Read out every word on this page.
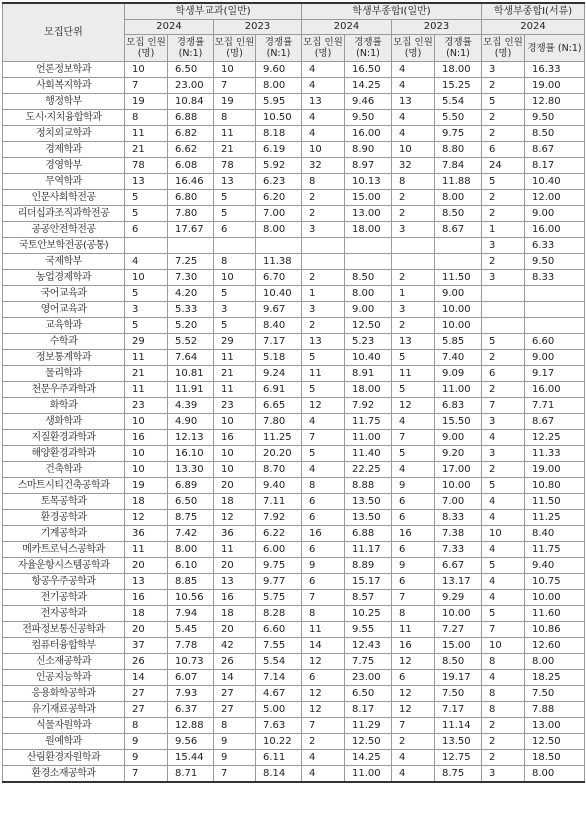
모집단위	학생부교과(일반)				학생부종합Ⅰ(일반)				학생부종합Ⅰ(서류)	
	2024		2023		2024		2023		2024	
	모집 인원(명)	경쟁률 (N:1)	모집 인원(명)	경쟁률 (N:1)	모집 인원(명)	경쟁률 (N:1)	모집 인원(명)	경쟁률 (N:1)	모집 인원(명)	경쟁률 (N:1)
언론정보학과	10	6.50	10	9.60	4	16.50	4	18.00	3	16.33
사회복지학과	7	23.00	7	8.00	4	14.25	4	15.25	2	19.00
행정학부	19	10.84	19	5.95	13	9.46	13	5.54	5	12.80
도시·지치융합학과	8	6.88	8	10.50	4	9.50	4	5.50	2	9.50
정치외교학과	11	6.82	11	8.18	4	16.00	4	9.75	2	8.50
경제학과	21	6.62	21	6.19	10	8.90	10	8.80	6	8.67
경영학부	78	6.08	78	5.92	32	8.97	32	7.84	24	8.17
무역학과	13	16.46	13	6.23	8	10.13	8	11.88	5	10.40
인문사회학전공	5	6.80	5	6.20	2	15.00	2	8.00	2	12.00
리더십과조직과학전공	5	7.80	5	7.00	2	13.00	2	8.50	2	9.00
공공안전학전공	6	17.67	6	8.00	3	18.00	3	8.67	1	16.00
국토안보학전공(공통)									3	6.33
국제학부	4	7.25	8	11.38					2	9.50
농업경제학과	10	7.30	10	6.70	2	8.50	2	11.50	3	8.33
국어교육과	5	4.20	5	10.40	1	8.00	1	9.00		
영어교육과	3	5.33	3	9.67	3	9.00	3	10.00		
교육학과	5	5.20	5	8.40	2	12.50	2	10.00		
수학과	29	5.52	29	7.17	13	5.23	13	5.85	5	6.60
정보통계학과	11	7.64	11	5.18	5	10.40	5	7.40	2	9.00
물리학과	21	10.81	21	9.24	11	8.91	11	9.09	6	9.17
천문우주과학과	11	11.91	11	6.91	5	18.00	5	11.00	2	16.00
화학과	23	4.39	23	6.65	12	7.92	12	6.83	7	7.71
생화학과	10	4.90	10	7.80	4	11.75	4	15.50	3	8.67
지질환경과학과	16	12.13	16	11.25	7	11.00	7	9.00	4	12.25
해양환경과학과	10	16.10	10	20.20	5	11.40	5	9.20	3	11.33
건축학과	10	13.30	10	8.70	4	22.25	4	17.00	2	19.00
스마트시티건축공학과	19	6.89	20	9.40	8	8.88	9	10.00	5	10.80
토목공학과	18	6.50	18	7.11	6	13.50	6	7.00	4	11.50
환경공학과	12	8.75	12	7.92	6	13.50	6	8.33	4	11.25
기계공학과	36	7.42	36	6.22	16	6.88	16	7.38	10	8.40
메카트로닉스공학과	11	8.00	11	6.00	6	11.17	6	7.33	4	11.75
자율운항시스템공학과	20	6.10	20	9.75	9	8.89	9	6.67	5	9.40
항공우주공학과	13	8.85	13	9.77	6	15.17	6	13.17	4	10.75
전기공학과	16	10.56	16	5.75	7	8.57	7	9.29	4	10.00
전자공학과	18	7.94	18	8.28	8	10.25	8	10.00	5	11.60
전파정보통신공학과	20	5.45	20	6.60	11	9.55	11	7.27	7	10.86
컴퓨터융합학부	37	7.78	42	7.55	14	12.43	16	15.00	10	12.60
신소재공학과	26	10.73	26	5.54	12	7.75	12	8.50	8	8.00
인공지능학과	14	6.07	14	7.14	6	23.00	6	19.17	4	18.25
응용화학공학과	27	7.93	27	4.67	12	6.50	12	7.50	8	7.50
유기재료공학과	27	6.37	27	5.00	12	8.17	12	7.17	8	7.88
식물자원학과	8	12.88	8	7.63	7	11.29	7	11.14	2	13.00
원예학과	9	9.56	9	10.22	2	12.50	2	13.50	2	12.50
산림환경자원학과	9	15.44	9	6.11	4	14.25	4	12.75	2	18.50
환경소재공학과	7	8.71	7	8.14	4	11.00	4	8.75	3	8.00
